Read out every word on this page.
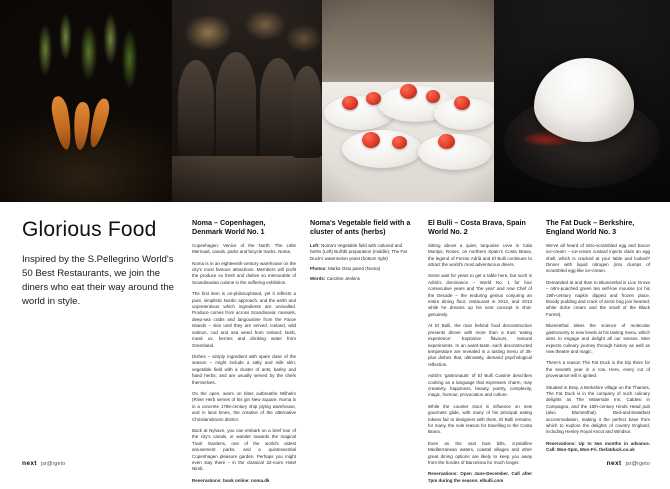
Glorious Food

Inspired by the S.Pellegrino World's 50 Best Restaurants, we join the diners who eat their way around the world in style.

Noma – Copenhagen, Denmark World No. 1

Copenhagen: Venice of the North. The Little Mermaid, canals, parks and bicycle tracks. Noma.

Noma is in an eighteenth-century warehouse on the city's most famous attractions. Members will profit the produce so fresh and dishes so memorable of Scandinavian cuisine in the suffering exhibition.

The first item is un-philosophised, yet it reflects a pure, simplistic Nordic approach, and the earth and unpretentious which ingredients are unrivalled. Produce comes from across Scandinavia: mussels, deep-sea crabs and langoustine from the Faroe Islands – skin until they are served. Iceland, wild salmon, cod and sea weed from Iceland; lamb, musk ox, berries and drinking water from Greenland.

Dishes – simply ingredient with spare dose of the season – might include a salty and milk skin; vegetable field with a cluster of ants; barley and hand herbs; and are usually served by the chefs themselves.

On the open, warm on bites outbreathe Wilhelm (River Herb serves of his gin New Square. Noma is in a concrete 1786-century ship plying warehouse, and in land times, the creative of the alternative Christiansbrunn district.

Back at Nyhavn, you can embark on a brief tour of the city's canals, or wander towards the magical Tivoli Gardens, one of the world's oldest amusement parks, and a quintessential Copenhagen pleasure garden. Perhaps you might even stay there – in the classical 32-room Hotel Nimb.

Reservations: book online: noma.dk

Noma's Vegetable field with a cluster of ants (herbs)

Left: Noma's Vegetable field with cultured and herbs (Left) Bull'dti preparation (middle); The Fat Duck's watermelon yeast (bottom right)

Photos: Marka Osto pared (Noma)

Words: Caroline Jenkins

El Bulli – Costa Brava, Spain World No. 2

Sitting above a quiet, turquoise cove in Cala Montjoi, Roses, on northern Spain's Costa Brava, the legend of Ferran Adrià and El Bulli continues to attract the world's most adventurous diners.

Some wait for years to get a table here, but such is Adrià's dominance – World No. 1 for four consecutive years and 'the year' and now Chef of the Decade – the enduring genius conjuring an entire dining floor; restaurant in 2012, and 2013 while he dreams up his next concept is shot-genuinely.

At El Bulli, the man behind food deconstruction presents dinner with more than a trust 'eating experience'. Explosive flavours, textural experiments. In an avant-taste, each deconstructed temperature are revealed in a tasting menu of 35-plus dishes that, ultimately, demand psychological reflection.

Adrià's 'gastronauts' of El Bulli Cuisine describes cooking as a language that expresses charm, may creativity, happiness, beauty, poetry, complexity, magic, humour, provocation and culture.

While the counter stool is influence on new gourmets glide, with many of his principal eating tokens fair to designers with them, El Bulli remains, for many, the sole reason for travelling to the Costa Brava.

Even as the vast bust bills, crystalline Mediterranean waters, coastal villages and other great dining options are likely to keep you away from the hordes of Barcelona for much longer.

Reservations: Open June-December. Call after 7pm during the season. elbulli.com

The Fat Duck – Berkshire, England World No. 3

We've all heard of nitro-scrambled egg and bacon ice-cream – ice-cream custard injects claim an egg shell, which is cracked at your table and looked? Dinner with liquid nitrogen (into clumps of scrambled egg-like ice-cream.

Demanded at and than to Blumenthal is Lion Grove – nitro-poached green tea self-low mousse (or his 19th-century napkin dipped and frozen place, bloody pudding and crack of arctic bog join hearted; white dolce cream and the small of the Black Forest).

Blumenthal takes the science of molecular gastronomy to new levels at his tasting menu, which aims to engage and delight all our senses. Men expects culinary journey through history as well as new theatre and magic.

There's a reason The Fat Duck is the trip there for the seventh year in a row. Here, every cut of provenance will is ignited.

Situated in Bray, a Berkshire village on the Thames, The Fat Duck is in the company of such culinary delights as The Waterside Inn, Caldesi in Campagna, and the 15th-century Hinds Head pub (also Blumenthal). Bed-and-breakfast accommodation, making it the perfect base from which to explore the delights of country England, including Henley Royal Ascot and Windsor.

Reservations: Up to two months in advance. Call: Mon-Spm, Mon-Fri. thefatduck.co.uk

next jsr@rgeto	next jsr@rgeto
